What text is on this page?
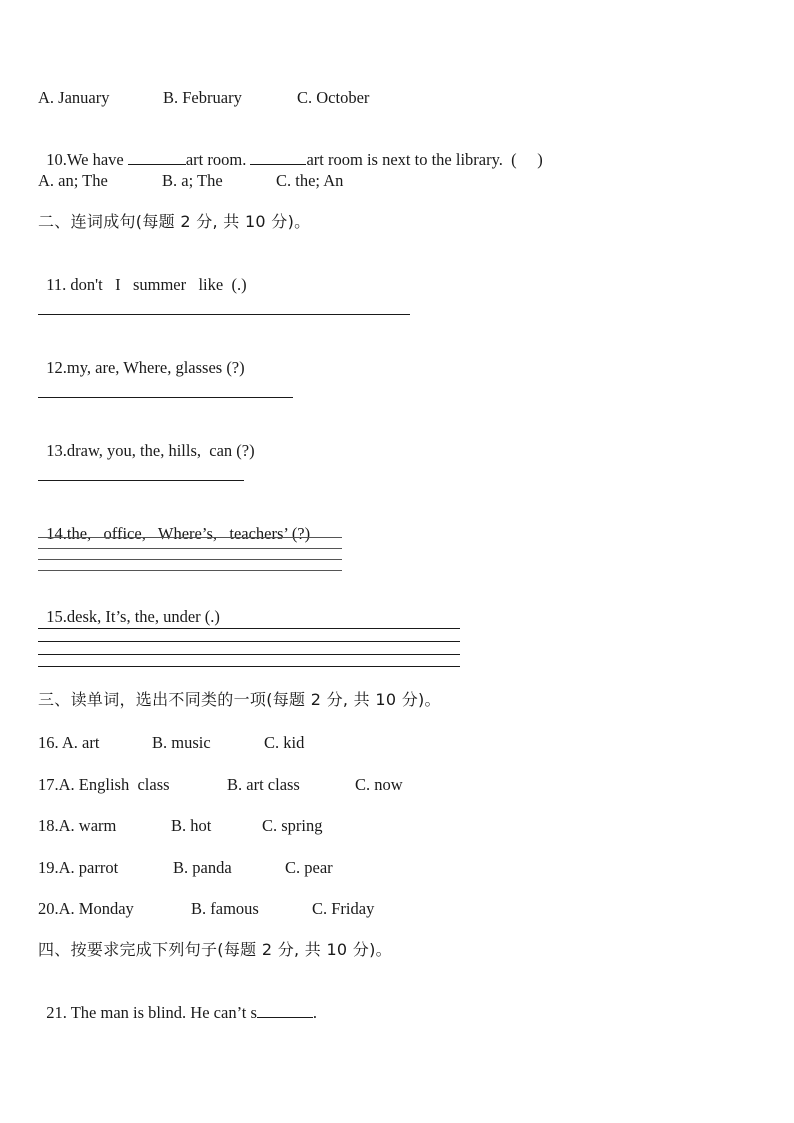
A. January	B. February	C. October

10.We have	art room.	art room is next to the library.  (     )

A. an; The	B. a; The	C. the; An
二、连词成句(每题 2 分, 共 10 分)。

11. don't   I   summer   like  (.)

12.my, are, Where, glasses (?)

13.draw, you, the, hills,  can (?)

14.the,   office,   Where’s,   teachers’ (?)

15.desk, It’s, the, under (.)

三、读单词，选出不同类的一项(每题 2 分, 共 10 分)。
16. A. art	B. music	C. kid
17.A. English  class	B. art class	C. now
18.A. warm	B. hot	C. spring
19.A. parrot	B. panda	C. pear
20.A. Monday	B. famous	C. Friday
四、按要求完成下列句子(每题 2 分, 共 10 分)。

21. The man is blind. He can’t s	.
